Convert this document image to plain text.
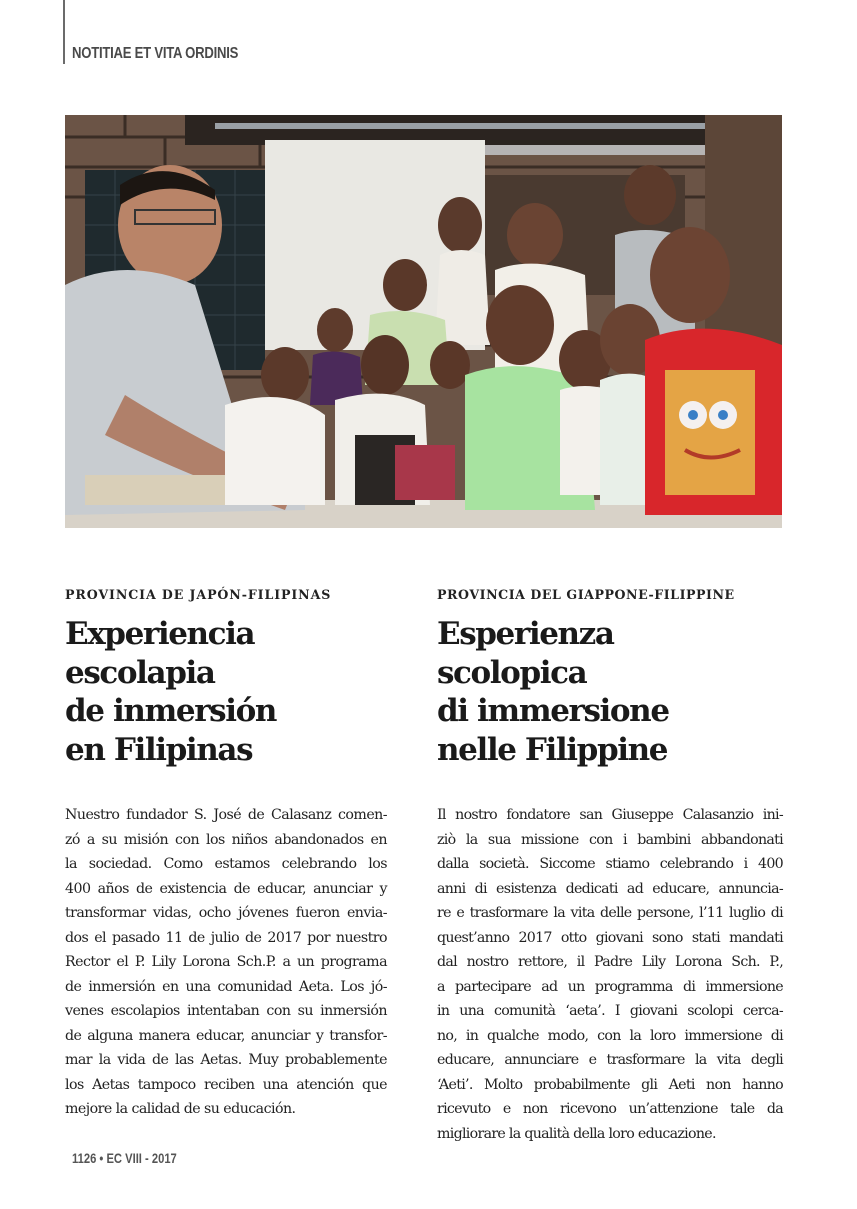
NOTITIAE ET VITA ORDINIS
PROVINCIA DE JAPÓN-FILIPINAS
Experiencia
escolapia
de inmersión
en Filipinas
Nuestro fundador S. José de Calasanz comen-
zó a su misión con los niños abandonados en
la sociedad. Como estamos celebrando los
400 años de existencia de educar, anunciar y
transformar vidas, ocho jóvenes fueron envia-
dos el pasado 11 de julio de 2017 por nuestro
Rector el P. Lily Lorona Sch.P. a un programa
de inmersión en una comunidad Aeta. Los jó-
venes escolapios intentaban con su inmersión
de alguna manera educar, anunciar y transfor-
mar la vida de las Aetas. Muy probablemente
los Aetas tampoco reciben una atención que
mejore la calidad de su educación.
PROVINCIA DEL GIAPPONE-FILIPPINE
Esperienza
scolopica
di immersione
nelle Filippine
Il nostro fondatore san Giuseppe Calasanzio ini-
ziò la sua missione con i bambini abbandonati
dalla società. Siccome stiamo celebrando i 400
anni di esistenza dedicati ad educare, annuncia-
re e trasformare la vita delle persone, l’11 luglio di
quest’anno 2017 otto giovani sono stati mandati
dal nostro rettore, il Padre Lily Lorona Sch. P.,
a partecipare ad un programma di immersione
in una comunità ‘aeta’. I giovani scolopi cerca-
no, in qualche modo, con la loro immersione di
educare, annunciare e trasformare la vita degli
‘Aeti’. Molto probabilmente gli Aeti non hanno
ricevuto e non ricevono un’attenzione tale da
migliorare la qualità della loro educazione.
1126 • EC VIII - 2017
